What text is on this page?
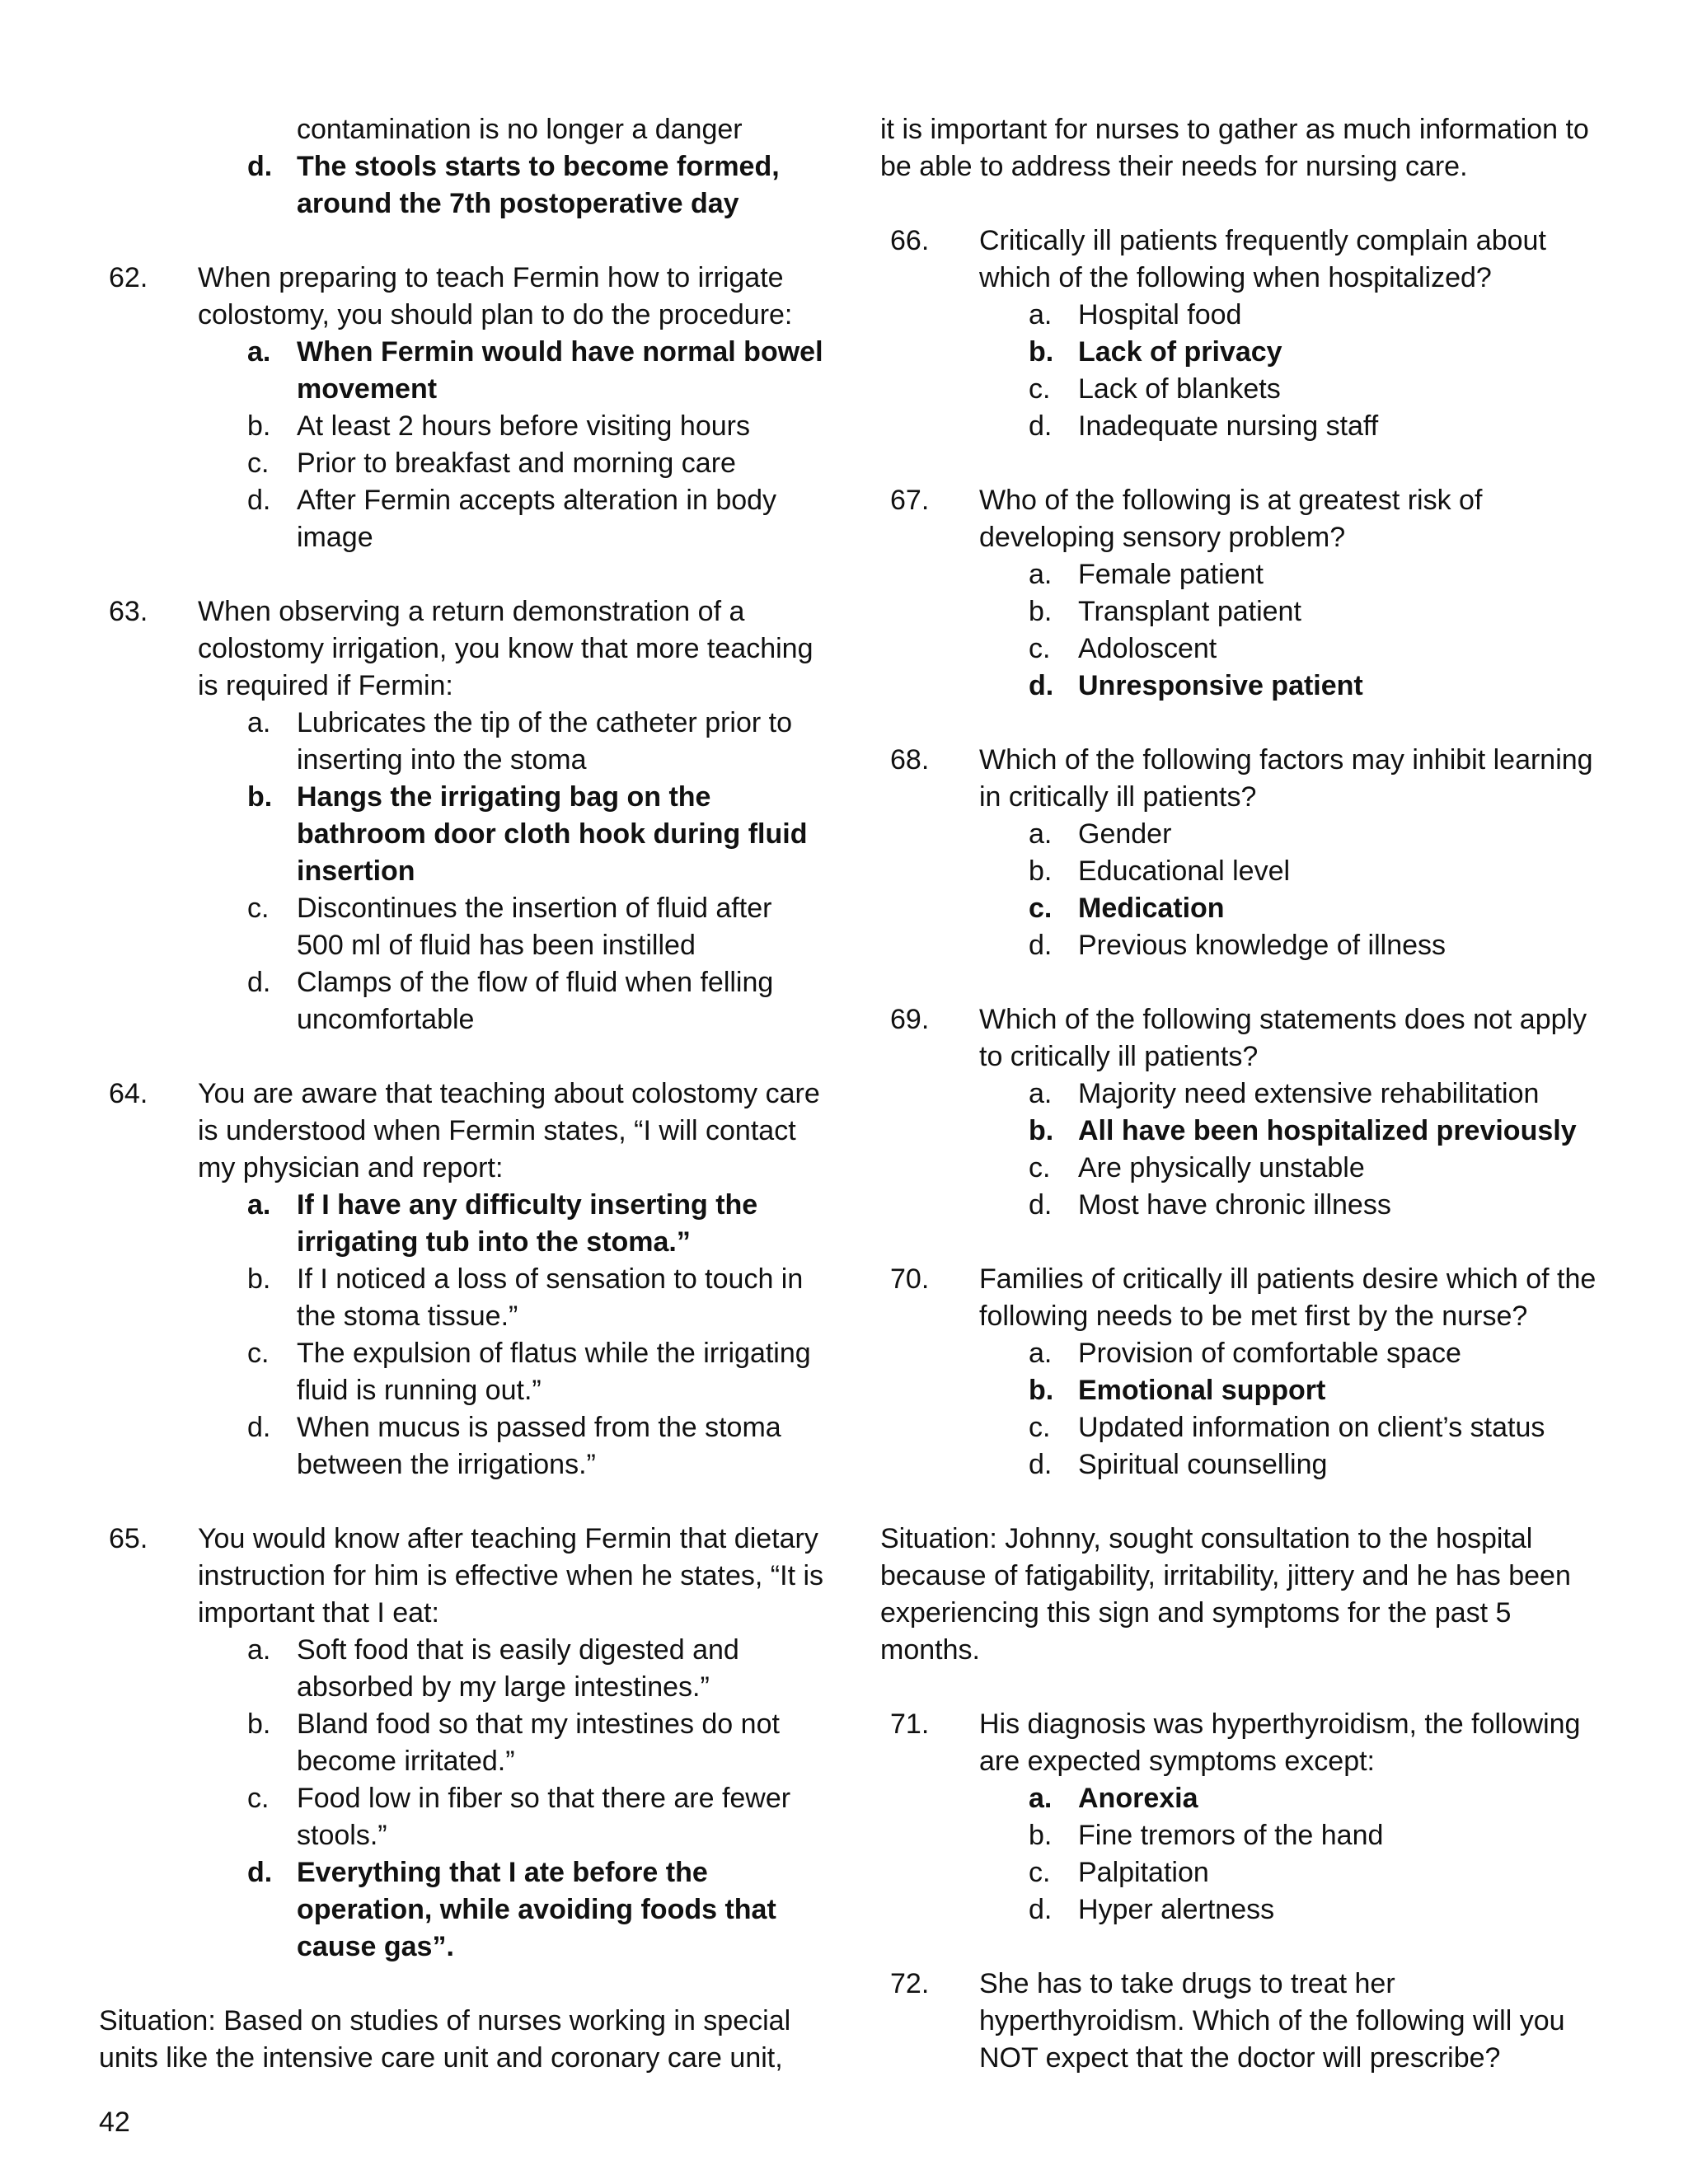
contamination is no longer a danger
d. The stools starts to become formed, around the 7th postoperative day
62. When preparing to teach Fermin how to irrigate colostomy, you should plan to do the procedure:
a. When Fermin would have normal bowel movement
b. At least 2 hours before visiting hours
c. Prior to breakfast and morning care
d. After Fermin accepts alteration in body image
63. When observing a return demonstration of a colostomy irrigation, you know that more teaching is required if Fermin:
a. Lubricates the tip of the catheter prior to inserting into the stoma
b. Hangs the irrigating bag on the bathroom door cloth hook during fluid insertion
c. Discontinues the insertion of fluid after 500 ml of fluid has been instilled
d. Clamps of the flow of fluid when felling uncomfortable
64. You are aware that teaching about colostomy care is understood when Fermin states, “I will contact my physician and report:
a. If I have any difficulty inserting the irrigating tub into the stoma.”
b. If I noticed a loss of sensation to touch in the stoma tissue.”
c. The expulsion of flatus while the irrigating fluid is running out.”
d. When mucus is passed from the stoma between the irrigations.”
65. You would know after teaching Fermin that dietary instruction for him is effective when he states, “It is important that I eat:
a. Soft food that is easily digested and absorbed by my large intestines.”
b. Bland food so that my intestines do not become irritated.”
c. Food low in fiber so that there are fewer stools.”
d. Everything that I ate before the operation, while avoiding foods that cause gas”.
Situation: Based on studies of nurses working in special units like the intensive care unit and coronary care unit,
it is important for nurses to gather as much information to be able to address their needs for nursing care.
66. Critically ill patients frequently complain about which of the following when hospitalized?
a. Hospital food
b. Lack of privacy
c. Lack of blankets
d. Inadequate nursing staff
67. Who of the following is at greatest risk of developing sensory problem?
a. Female patient
b. Transplant patient
c. Adoloscent
d. Unresponsive patient
68. Which of the following factors may inhibit learning in critically ill patients?
a. Gender
b. Educational level
c. Medication
d. Previous knowledge of illness
69. Which of the following statements does not apply to critically ill patients?
a. Majority need extensive rehabilitation
b. All have been hospitalized previously
c. Are physically unstable
d. Most have chronic illness
70. Families of critically ill patients desire which of the following needs to be met first by the nurse?
a. Provision of comfortable space
b. Emotional support
c. Updated information on client’s status
d. Spiritual counselling
Situation: Johnny, sought consultation to the hospital because of fatigability, irritability, jittery and he has been experiencing this sign and symptoms for the past 5 months.
71. His diagnosis was hyperthyroidism, the following are expected symptoms except:
a. Anorexia
b. Fine tremors of the hand
c. Palpitation
d. Hyper alertness
72. She has to take drugs to treat her hyperthyroidism. Which of the following will you NOT expect that the doctor will prescribe?
42
